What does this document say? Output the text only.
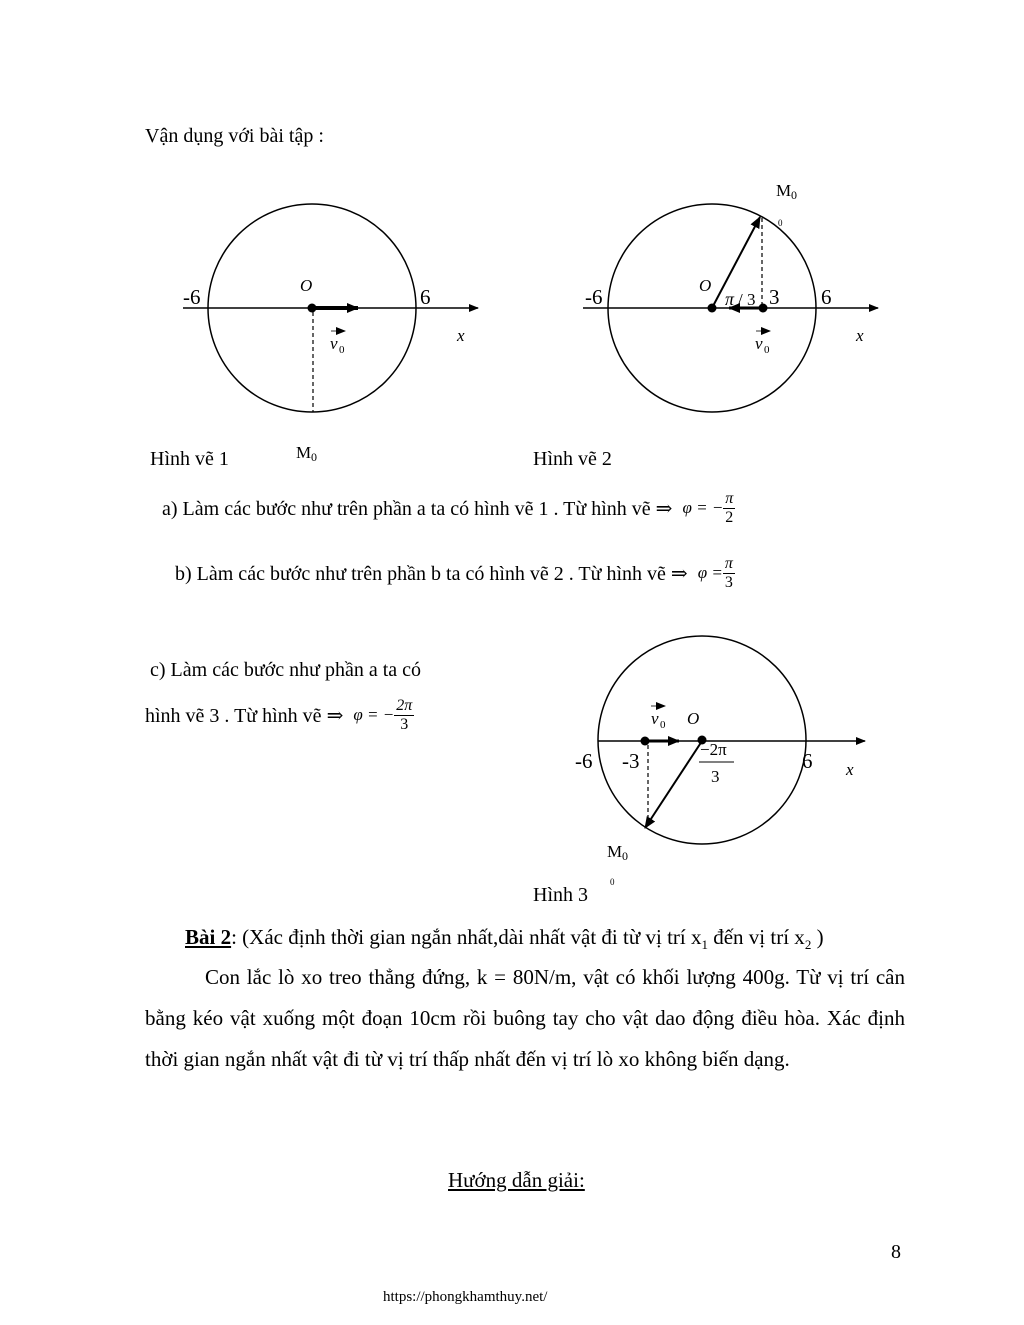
Vận dụng với bài tập :
-6	6
O
x
v 0
M 0
-6	3 6
O
π / 3
x
v 0
M 0
0
-6 -3	6
O
x
v 0
−2π
3
M 0
0
Hình vẽ 1	Hình vẽ 2
a) Làm các bước như trên phần a ta có hình vẽ 1 . Từ hình vẽ ⇒ φ = − $\frac{\pi}{2}$
b) Làm các bước như trên phần b ta có hình vẽ 2 . Từ hình vẽ ⇒ $\varphi = \frac{\pi}{3}$
c) Làm các bước như phần a ta có
hình vẽ 3 . Từ hình vẽ ⇒ φ = − $\frac{2\pi}{3}$
Hình 3
Bài 2: (Xác định thời gian ngắn nhất,dài nhất vật đi từ vị trí $x_1$ đến vị trí $x_2$ )
Con lắc lò xo treo thẳng đứng, k = 80N/m, vật có khối lượng 400g. Từ vị trí cân bằng kéo vật xuống một đoạn 10cm rồi buông tay cho vật dao động điều hòa. Xác định thời gian ngắn nhất vật đi từ vị trí thấp nhất đến vị trí lò xo không biến dạng.
Hướng dẫn giải:
8
https://phongkhamthuy.net/
